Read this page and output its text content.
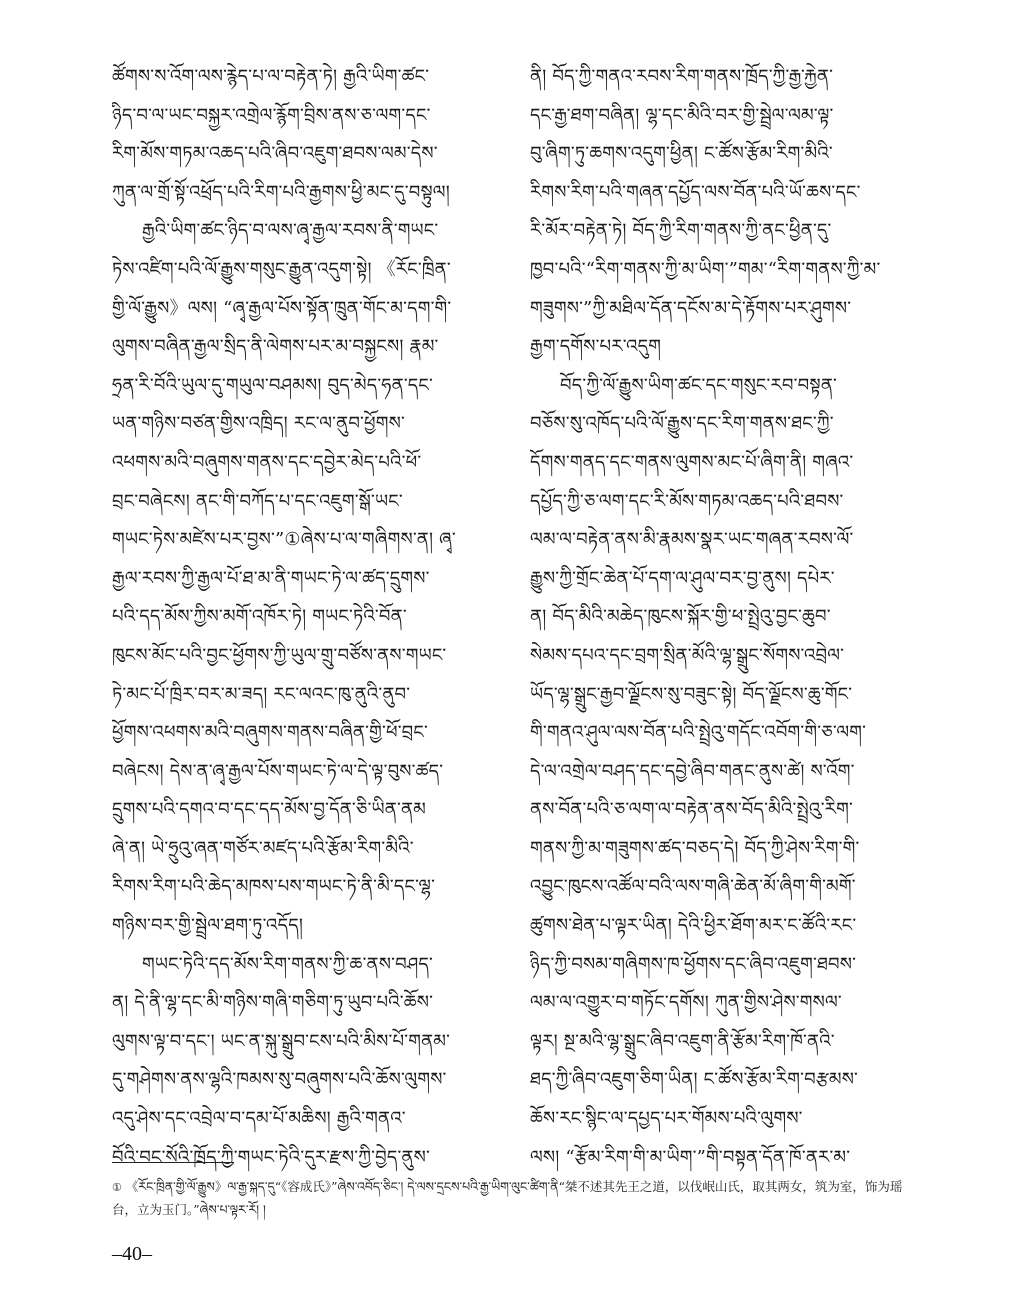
ཚོགས་ས་འོག་ལས་རྙེད་པ་ལ་བརྟེན་ཏེ། རྒྱའི་ཡིག་ཚང་
ཉིད་བ་ལ་ཡང་བསྐྱར་འགྲེལ་རྙོག་བྲིས་ནས་ཅ་ལག་དང་
རིག་མོས་གཏམ་འཆད་པའི་ཞིབ་འཇུག་ཐབས་ལམ་དེས་
ཀུན་ལ་གྲོ་སྟོ་འཕྲོད་པའི་རིག་པའི་རྒྱགས་ཕྱི་མང་དུ་བསྟུལ།
རྒྱའི་ཡིག་ཚང་ཉིད་བ་ལས་ཞྭ་རྒྱལ་རབས་ནི་གཡང་
ཏེས་འཛིག་པའི་ལོ་རྒྱུས་གསུང་རྒྱུན་འདུག་སྟེ། 《རོང་ཁྲིན་
གྱི་ལོ་རྒྱུས》ལས། “ཞྭ་རྒྱལ་པོས་སྟོན་ཁྲུན་གོང་མ་དག་གི་
ལུགས་བཞིན་རྒྱལ་སྲིད་ནི་ལེགས་པར་མ་བསྐྱངས། རྣམ་
ཧྲན་རི་བོའི་ཡུལ་དུ་གཡུལ་བཤམས། བུད་མེད་ཧན་དང་
ཡན་གཉིས་བཙན་གྱིས་འཁྲིད། རང་ལ་ནུབ་ཕྱོགས་
འཕགས་མའི་བཞུགས་གནས་དང་དབྱེར་མེད་པའི་ཕོ་
བྲང་བཞེངས། ནང་གི་བཀོད་པ་དང་འཇུག་སྒོ་ཡང་
གཡང་ཏེས་མཛེས་པར་བྱས་”①ཞེས་པ་ལ་གཞིགས་ན། ཞྭ་
རྒྱལ་རབས་ཀྱི་རྒྱལ་པོ་ཐ་མ་ནི་གཡང་ཏེ་ལ་ཚད་དྲུགས་
པའི་དད་མོས་ཀྱིས་མགོ་འཁོར་ཏེ། གཡང་ཏེའི་བོན་
ཁུངས་མོང་པའི་བྱང་ཕྱོགས་ཀྱི་ཡུལ་གྲུ་བཙོས་ནས་གཡང་
ཏེ་མང་པོ་ཁྲིར་བར་མ་ཟད། རང་ལའང་ཁུ་ནུའི་ནུབ་
ཕྱོགས་འཕགས་མའི་བཞུགས་གནས་བཞིན་གྱི་ཕོ་བྲང་
བཞེངས། དེས་ན་ཞྭ་རྒྱལ་པོས་གཡང་ཏེ་ལ་དེ་ལྟ་བུས་ཚད་
དྲུགས་པའི་དགའ་བ་དང་དད་མོས་བྱ་དོན་ཅི་ཡིན་ནམ
ཞེ་ན། ཡེ་ཧྲུའུ་ཞན་གཙོར་མཛད་པའི་རྩོམ་རིག་མིའི་
རིགས་རིག་པའི་ཆེད་མཁས་པས་གཡང་ཏེ་ནི་མི་དང་ལྷ་
གཉིས་བར་གྱི་སྦྲེལ་ཐག་ཏུ་འདོད།
གཡང་ཏེའི་དད་མོས་རིག་གནས་ཀྱི་ཆ་ནས་བཤད་
ན། དེ་ནི་ལྷ་དང་མི་གཉིས་གཞི་གཅིག་ཏུ་ཡུབ་པའི་ཆོས་
ལུགས་ལྟ་བ་དང་། ཡང་ན་སྐུ་སྒྲུབ་ངས་པའི་མིས་པོ་གནམ་
དུ་གཤེགས་ནས་ལྷའི་ཁམས་སུ་བཞུགས་པའི་ཆོས་ལུགས་
འདུ་ཤེས་དང་འབྲེལ་བ་དམ་པོ་མཆིས། རྒྱའི་གནའ་
བོའི་བང་སོའི་ཁྲོད་ཀྱི་གཡང་ཏེའི་དུར་རྫས་ཀྱི་བྱེད་ནུས་
ནི། བོད་ཀྱི་གནའ་རབས་རིག་གནས་ཁྲོད་ཀྱི་རྒྱ་རྐྱེན་
དང་རྒྱ་ཐག་བཞིན། ལྷ་དང་མིའི་བར་གྱི་སྦྲེལ་ལམ་ལྟ་
བུ་ཞིག་ཏུ་ཆགས་འདུག་ཕྱིན། ང་ཚོས་རྩོམ་རིག་མིའི་
རིགས་རིག་པའི་གཞན་དཔྱོད་ལས་བོན་པའི་ཡོ་ཆས་དང་
རི་མོར་བརྟེན་ཏེ། བོད་ཀྱི་རིག་གནས་ཀྱི་ནང་ཕྱིན་དུ་
ཁྱབ་པའི་“རིག་གནས་ཀྱི་མ་ཡིག་”གམ་“རིག་གནས་ཀྱི་མ་
གཟུགས་”ཀྱི་མཐིལ་དོན་དངོས་མ་དེ་རྟོགས་པར་ཤུགས་
རྒྱག་དགོས་པར་འདུག
བོད་ཀྱི་ལོ་རྒྱུས་ཡིག་ཚང་དང་གསུང་རབ་བསྟན་
བཅོས་སུ་འཁོད་པའི་ལོ་རྒྱུས་དང་རིག་གནས་ཐང་ཀྱི་
དོགས་གནད་དང་གནས་ལུགས་མང་པོ་ཞིག་ནི། གཞའ་
དཔྱོད་ཀྱི་ཅ་ལག་དང་རི་མོས་གཏམ་འཆད་པའི་ཐབས་
ལམ་ལ་བརྟེན་ནས་མི་རྣམས་སྣར་ཡང་གཞན་རབས་ལོ་
རྒྱུས་ཀྱི་གྲོང་ཆེན་པོ་དག་ལ་ཤུལ་བར་བྱ་ནུས། དཔེར་
ན། བོད་མིའི་མཆེད་ཁུངས་སྐོར་གྱི་ཕ་སྤྲེའུ་བྱང་ཆུབ་
སེམས་དཔའ་དང་བྲག་སྲིན་མོའི་ལྷ་སྒྲུང་སོགས་འབྲེལ་
ཡོད་ལྷ་སྒྲུང་རྒྱབ་ལྗོངས་སུ་བཟུང་སྟེ། བོད་ལྗོངས་ཆུ་གོང་
གི་གནའ་ཤུལ་ལས་བོན་པའི་སྤྲེའུ་གདོང་འབོག་གི་ཅ་ལག་
དེ་ལ་འགྲེལ་བཤད་དང་དབྱེ་ཞིབ་གནང་ནུས་ཚེ། ས་འོག་
ནས་བོན་པའི་ཅ་ལག་ལ་བརྟེན་ནས་བོད་མིའི་སྤྲེའུ་རིག་
གནས་ཀྱི་མ་གཟུགས་ཚད་བཅད་དེ། བོད་ཀྱི་ཤེས་རིག་གི་
འབྱུང་ཁུངས་འཚོལ་བའི་ལས་གཞི་ཆེན་མོ་ཞིག་གི་མགོ་
ཚུགས་ཐེན་པ་ལྟར་ཡིན། དེའི་ཕྱིར་ཐོག་མར་ང་ཚོའི་རང་
ཉིད་ཀྱི་བསམ་གཞིགས་ཁ་ཕྱོགས་དང་ཞིབ་འཇུག་ཐབས་
ལམ་ལ་འགྱུར་བ་གཏོང་དགོས། ཀུན་གྱིས་ཤེས་གསལ་
ལྟར། སྔ་མའི་ལྷ་སྒྲུང་ཞིབ་འཇུག་ནི་རྩོམ་རིག་ཁོ་ནའི་
ཐད་ཀྱི་ཞིབ་འཇུག་ཅིག་ཡིན། ང་ཚོས་རྩོམ་རིག་བརྩམས་
ཆོས་རང་སྙིང་ལ་དཔྱད་པར་གོམས་པའི་ལུགས་
ལས། “རྩོམ་རིག་གི་མ་ཡིག་”གི་བསྟན་དོན་ཁོ་ནར་མ་
① 《རོང་ཁྲིན་གྱི་ལོ་རྒྱུས》ལ་རྒྱ་སྐད་དུ“《容成氏》”ཞེས་འབོད་ཅིང་། དེ་ལས་དྲངས་པའི་རྒྱ་ཡིག་ལུང་ཚིག་ནི“桀不述其先王之道，以伐岷山氏，取其两女，筑为室，饰为瑶台，立为玉门。”ཞེས་པ་ལྟར་རོ། །
–40–
